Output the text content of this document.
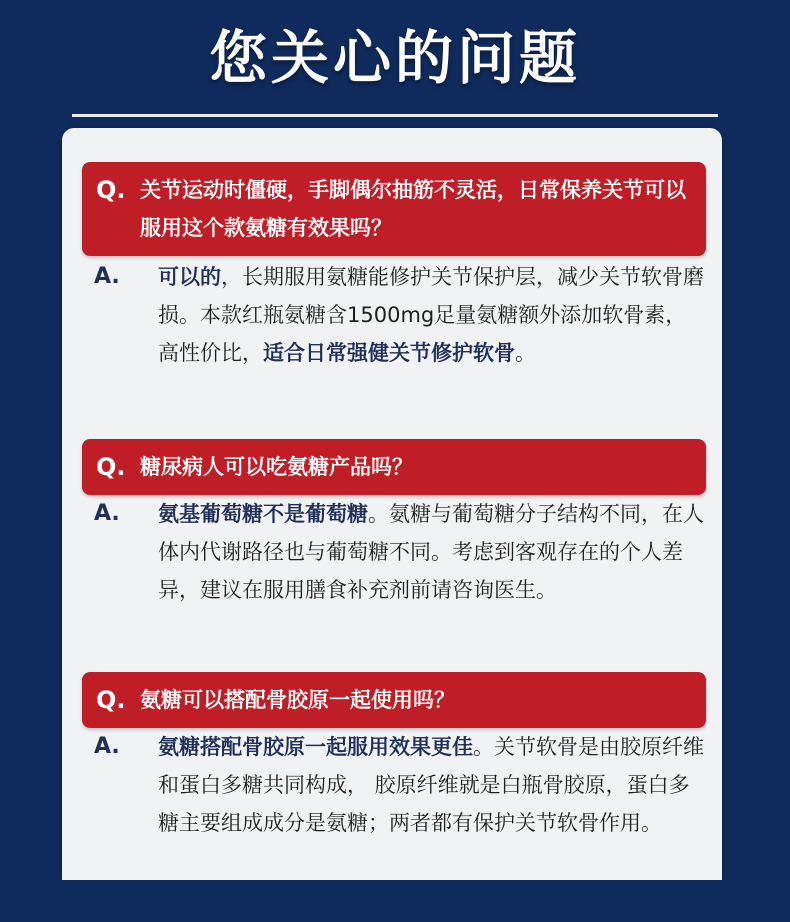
您关心的问题
Q. 关节运动时僵硬，手脚偶尔抽筋不灵活，日常保养关节可以服用这个款氨糖有效果吗？
A. 可以的，长期服用氨糖能修护关节保护层，减少关节软骨磨损。本款红瓶氨糖含1500mg足量氨糖额外添加软骨素，高性价比，适合日常强健关节修护软骨。
Q. 糖尿病人可以吃氨糖产品吗？
A. 氨基葡萄糖不是葡萄糖。氨糖与葡萄糖分子结构不同，在人体内代谢路径也与葡萄糖不同。考虑到客观存在的个人差异，建议在服用膳食补充剂前请咨询医生。
Q. 氨糖可以搭配骨胶原一起使用吗？
A. 氨糖搭配骨胶原一起服用效果更佳。关节软骨是由胶原纤维和蛋白多糖共同构成， 胶原纤维就是白瓶骨胶原，蛋白多糖主要组成成分是氨糖；两者都有保护关节软骨作用。
